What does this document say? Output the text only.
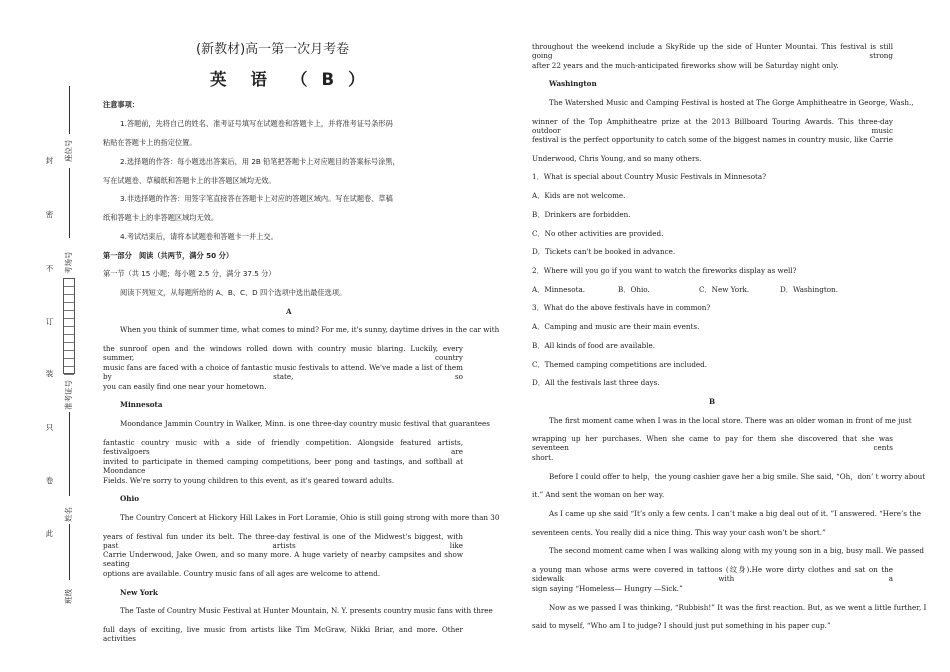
座位号
考场号
准考证号
姓名
班级
封
密
不
订
装
只
卷
此
(新教材)高一第一次月考卷
英 语 （B）
注意事项：
1.答题前，先将自己的姓名、准考证号填写在试题卷和答题卡上，并将准考证号条形码
粘贴在答题卡上的指定位置。
2.选择题的作答：每小题选出答案后，用 2B 铅笔把答题卡上对应题目的答案标号涂黑，
写在试题卷、草稿纸和答题卡上的非答题区域均无效。
3.非选择题的作答：用签字笔直接答在答题卡上对应的答题区域内。写在试题卷、草稿
纸和答题卡上的非答题区域均无效。
4.考试结束后，请将本试题卷和答题卡一并上交。
第一部分　阅读（共两节，满分 50 分）
第一节（共 15 小题；每小题 2.5 分，满分 37.5 分）
阅读下列短文，从每题所给的 A、B、C、D 四个选项中选出最佳选项。
A
When you think of summer time, what comes to mind? For me, it's sunny, daytime drives in the car with
the sunroof open and the windows rolled down with country music blaring. Luckily, every summer, country
music fans are faced with a choice of fantastic music festivals to attend. We've made a list of them by state, so
you can easily find one near your hometown.
Minnesota
Moondance Jammin Country in Walker, Minn. is one three-day country music festival that guarantees
fantastic country music with a side of friendly competition. Alongside featured artists, festivalgoers are
invited to participate in themed camping competitions, beer pong and tastings, and softball at Moondance
Fields. We're sorry to young children to this event, as it's geared toward adults.
Ohio
The Country Concert at Hickory Hill Lakes in Fort Loramie, Ohio is still going strong with more than 30
years of festival fun under its belt. The three-day festival is one of the Midwest's biggest, with past artists like
Carrie Underwood, Jake Owen, and so many more. A huge variety of nearby campsites and show seating
options are available. Country music fans of all ages are welcome to attend.
New York
The Taste of Country Music Festival at Hunter Mountain, N. Y. presents country music fans with three
full days of exciting, live music from artists like Tim McGraw, Nikki Briar, and more. Other activities
throughout the weekend include a SkyRide up the side of Hunter Mountai. This festival is still going strong
after 22 years and the much-anticipated fireworks show will be Saturday night only.
Washington
The Watershed Music and Camping Festival is hosted at The Gorge Amphitheatre in George, Wash.,
winner of the Top Amphitheatre prize at the 2013 Billboard Touring Awards. This three-day outdoor music
festival is the perfect opportunity to catch some of the biggest names in country music, like Carrie
Underwood, Chris Young, and so many others.
1．What is special about Country Music Festivals in Minnesota?
A．Kids are not welcome.
B．Drinkers are forbidden.
C．No other activities are provided.
D．Tickets can't be booked in advance.
2．Where will you go if you want to watch the fireworks display as well?
A．Minnesota.	B．Ohio.	C．New York.	D．Washington.
3．What do the above festivals have in common?
A．Camping and music are their main events.
B．All kinds of food are available.
C．Themed camping competitions are included.
D．All the festivals last three days.
B
The first moment came when I was in the local store. There was an older woman in front of me just
wrapping up her purchases. When she came to pay for them she discovered that she was seventeen cents
short.
Before I could offer to help，the young cashier gave her a big smile. She said, “Oh，don’ t worry about
it.” And sent the woman on her way.
As I came up she said “It’s only a few cents. I can’t make a big deal out of it. ”I answered. “Here’s the
seventeen cents. You really did a nice thing. This way your cash won’t be short.”
The second moment came when I was walking along with my young son in a big, busy mall. We passed
a young man whose arms were covered in tattoos (纹身).He wore dirty clothes and sat on the sidewalk with a
sign saying “Homeless— Hungry —Sick.”
Now as we passed I was thinking, “Rubbish!” It was the first reaction. But, as we went a little further, I
said to myself, “Who am I to judge? I should just put something in his paper cup.”
